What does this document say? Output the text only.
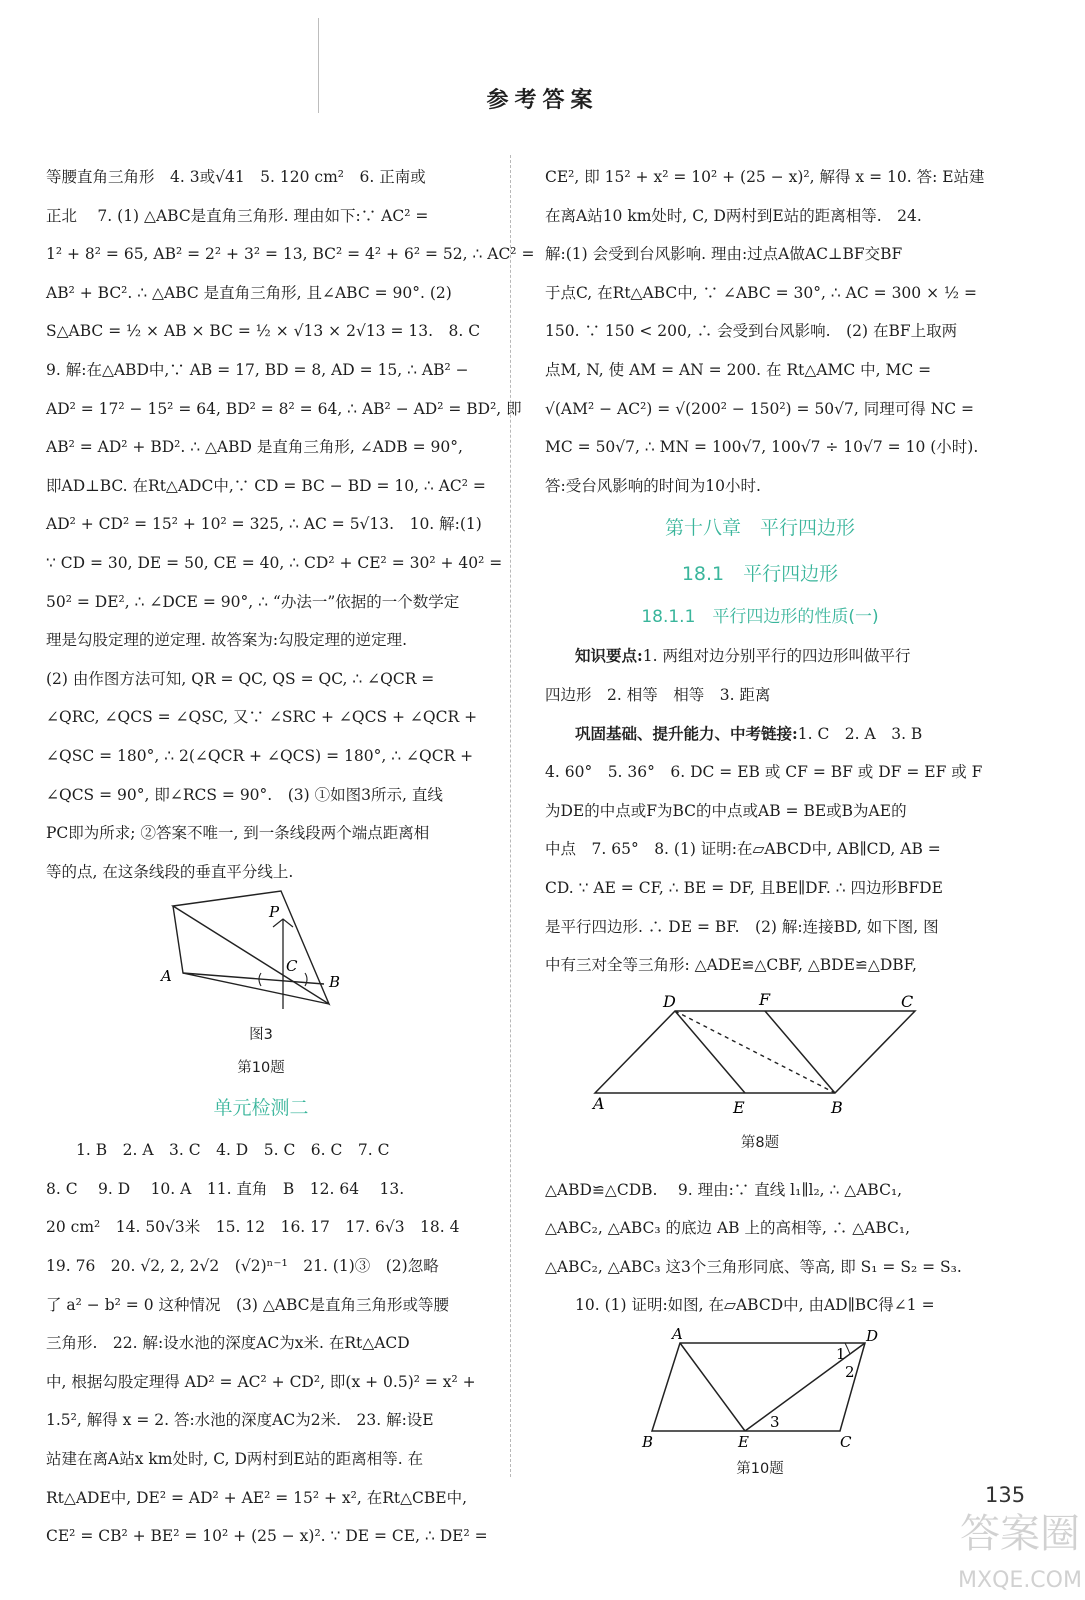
参考答案

等腰直角三角形　4. 3或√41　5. 120 cm²　6. 正南或

正北　 7. (1) △ABC是直角三角形. 理由如下:∵ AC² =

1² + 8² = 65, AB² = 2² + 3² = 13, BC² = 4² + 6² = 52, ∴ AC² =

AB² + BC². ∴ △ABC 是直角三角形, 且∠ABC = 90°. (2)

S△ABC = ½ × AB × BC = ½ × √13 × 2√13 = 13.　8. C

9. 解:在△ABD中,∵ AB = 17, BD = 8, AD = 15, ∴ AB² −

AD² = 17² − 15² = 64, BD² = 8² = 64, ∴ AB² − AD² = BD², 即

AB² = AD² + BD². ∴ △ABD 是直角三角形, ∠ADB = 90°,

即AD⊥BC. 在Rt△ADC中,∵ CD = BC − BD = 10, ∴ AC² =

AD² + CD² = 15² + 10² = 325, ∴ AC = 5√13.　10. 解:(1)

∵ CD = 30, DE = 50, CE = 40, ∴ CD² + CE² = 30² + 40² =

50² = DE², ∴ ∠DCE = 90°, ∴ “办法一”依据的一个数学定

理是勾股定理的逆定理. 故答案为:勾股定理的逆定理.

(2) 由作图方法可知, QR = QC, QS = QC, ∴ ∠QCR =

∠QRC, ∠QCS = ∠QSC, 又∵ ∠SRC + ∠QCS + ∠QCR +

∠QSC = 180°, ∴ 2(∠QCR + ∠QCS) = 180°, ∴ ∠QCR +

∠QCS = 90°, 即∠RCS = 90°.　(3) ①如图3所示, 直线

PC即为所求; ②答案不唯一, 到一条线段两个端点距离相

等的点, 在这条线段的垂直平分线上.

P
C
A	B
图3
第10题

单元检测二

1. B　2. A　3. C　4. D　5. C　6. C　7. C

8. C　 9. D　 10. A　11. 直角　B　12. 64　 13.

20 cm²　14. 50√3米　15. 12　16. 17　17. 6√3　18. 4

19. 76　20. √2, 2, 2√2　(√2)ⁿ⁻¹　21. (1)③　(2)忽略

了 a² − b² = 0 这种情况　(3) △ABC是直角三角形或等腰

三角形.　22. 解:设水池的深度AC为x米. 在Rt△ACD

中, 根据勾股定理得 AD² = AC² + CD², 即(x + 0.5)² = x² +

1.5², 解得 x = 2. 答:水池的深度AC为2米.　23. 解:设E

站建在离A站x km处时, C, D两村到E站的距离相等. 在

Rt△ADE中, DE² = AD² + AE² = 15² + x², 在Rt△CBE中,

CE² = CB² + BE² = 10² + (25 − x)². ∵ DE = CE, ∴ DE² =

CE², 即 15² + x² = 10² + (25 − x)², 解得 x = 10. 答: E站建

在离A站10 km处时, C, D两村到E站的距离相等.　24.

解:(1) 会受到台风影响. 理由:过点A做AC⊥BF交BF

于点C, 在Rt△ABC中, ∵ ∠ABC = 30°, ∴ AC = 300 × ½ =

150. ∵ 150 < 200, ∴ 会受到台风影响.　(2) 在BF上取两

点M, N, 使 AM = AN = 200. 在 Rt△AMC 中, MC =

√(AM² − AC²) = √(200² − 150²) = 50√7, 同理可得 NC =

MC = 50√7, ∴ MN = 100√7, 100√7 ÷ 10√7 = 10 (小时).

答:受台风影响的时间为10小时.

第十八章　平行四边形

18.1　平行四边形

18.1.1　平行四边形的性质(一)

知识要点:1. 两组对边分别平行的四边形叫做平行

四边形　2. 相等　相等　3. 距离

巩固基础、提升能力、中考链接:1. C　2. A　3. B

4. 60°　5. 36°　6. DC = EB 或 CF = BF 或 DF = EF 或 F

为DE的中点或F为BC的中点或AB = BE或B为AE的

中点　7. 65°　8. (1) 证明:在▱ABCD中, AB∥CD, AB =

CD. ∵ AE = CF, ∴ BE = DF, 且BE∥DF. ∴ 四边形BFDE

是平行四边形. ∴ DE = BF.　(2) 解:连接BD, 如下图, 图

中有三对全等三角形: △ADE≌△CBF, △BDE≌△DBF,

D	F	C
A	E	B
第8题

△ABD≌△CDB.　 9. 理由:∵ 直线 l₁∥l₂, ∴ △ABC₁,

△ABC₂, △ABC₃ 的底边 AB 上的高相等, ∴ △ABC₁,

△ABC₂, △ABC₃ 这3个三角形同底、等高, 即 S₁ = S₂ = S₃.

10. (1) 证明:如图, 在▱ABCD中, 由AD∥BC得∠1 =

A	D
1
2
3
B	E	C
第10题
135
答案圈
MXQE.COM
